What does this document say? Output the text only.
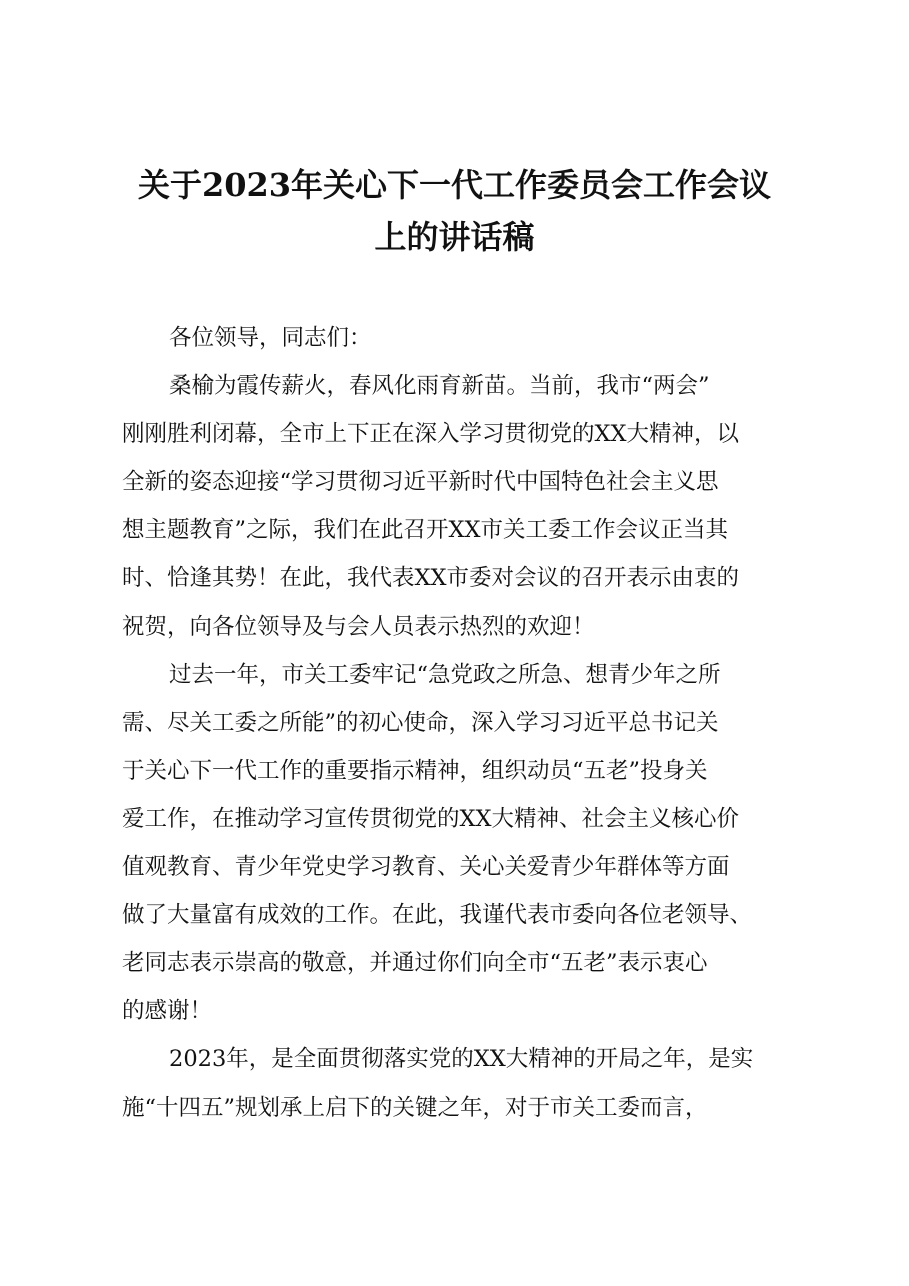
关于2023年关心下一代工作委员会工作会议
上的讲话稿

各位领导，同志们：

桑榆为霞传薪火，春风化雨育新苗。当前，我市“两会”
刚刚胜利闭幕，全市上下正在深入学习贯彻党的XX大精神，以
全新的姿态迎接“学习贯彻习近平新时代中国特色社会主义思
想主题教育”之际，我们在此召开XX市关工委工作会议正当其
时、恰逢其势！在此，我代表XX市委对会议的召开表示由衷的
祝贺，向各位领导及与会人员表示热烈的欢迎！

过去一年，市关工委牢记“急党政之所急、想青少年之所
需、尽关工委之所能”的初心使命，深入学习习近平总书记关
于关心下一代工作的重要指示精神，组织动员“五老”投身关
爱工作，在推动学习宣传贯彻党的XX大精神、社会主义核心价
值观教育、青少年党史学习教育、关心关爱青少年群体等方面
做了大量富有成效的工作。在此，我谨代表市委向各位老领导、
老同志表示崇高的敬意，并通过你们向全市“五老”表示衷心
的感谢！

2023年，是全面贯彻落实党的XX大精神的开局之年，是实
施“十四五”规划承上启下的关键之年，对于市关工委而言，
